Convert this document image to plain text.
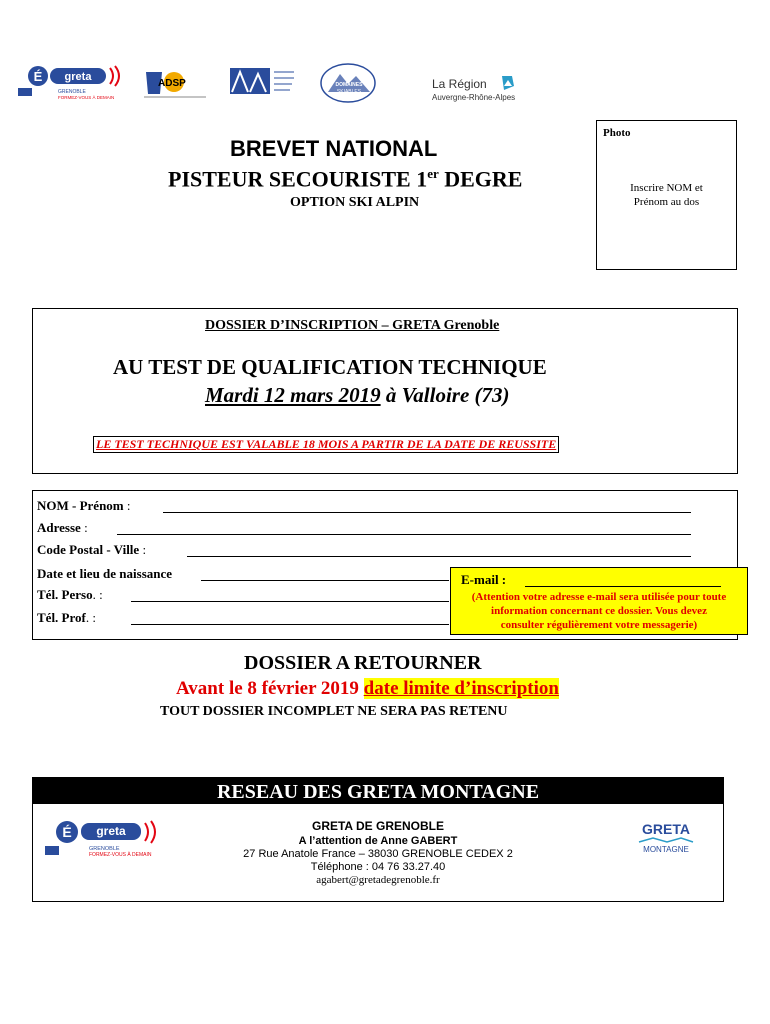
É greta
GRENOBLE
FORMEZ-VOUS À DEMAIN
ADSP	DOMAINES
SKIABLES
La Région
Auvergne-Rhône-Alpes
BREVET NATIONAL
PISTEUR SECOURISTE 1er DEGRE
OPTION SKI ALPIN
Photo
Inscrire NOM et
Prénom au dos
DOSSIER D’INSCRIPTION – GRETA Grenoble
AU TEST DE QUALIFICATION TECHNIQUE
Mardi 12 mars 2019 à Valloire (73)
LE TEST TECHNIQUE EST VALABLE 18 MOIS A PARTIR DE LA DATE DE REUSSITE
NOM - Prénom :
Adresse :
Code Postal - Ville :
Date et lieu de naissance
Tél. Perso. :
Tél. Prof. :
E-mail :
(Attention votre adresse e-mail sera utilisée pour toute
information concernant ce dossier. Vous devez
consulter régulièrement votre messagerie)
DOSSIER A RETOURNER
Avant le 8 février 2019 date limite d’inscription
TOUT DOSSIER INCOMPLET NE SERA PAS RETENU
RESEAU DES GRETA MONTAGNE
É greta
GRENOBLE
FORMEZ-VOUS À DEMAIN
GRETA DE GRENOBLE
A l’attention de Anne GABERT
27 Rue Anatole France – 38030 GRENOBLE CEDEX 2
Téléphone : 04 76 33.27.40
agabert@gretadegrenoble.fr
GRETA
MONTAGNE
